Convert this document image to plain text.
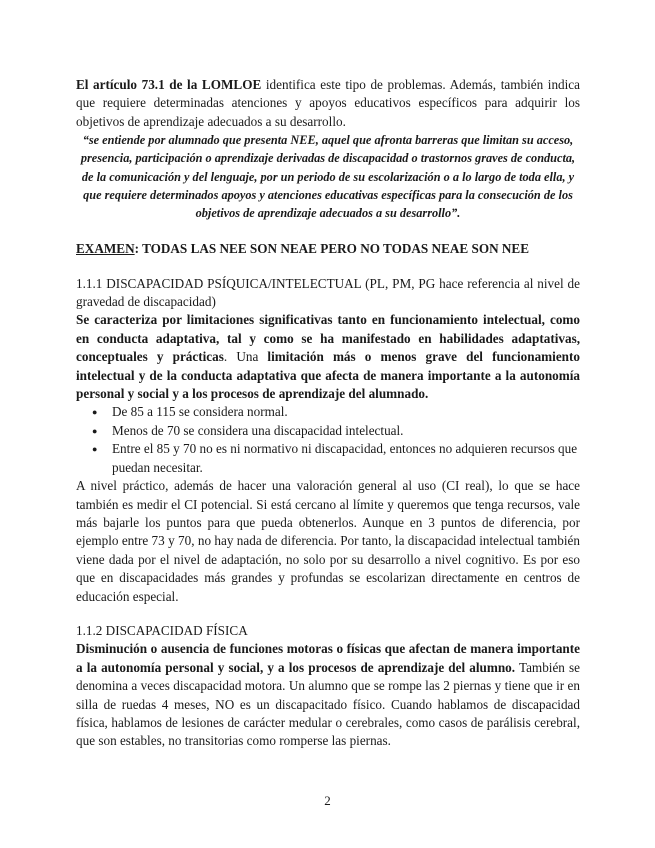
El artículo 73.1 de la LOMLOE identifica este tipo de problemas. Además, también indica que requiere determinadas atenciones y apoyos educativos específicos para adquirir los objetivos de aprendizaje adecuados a su desarrollo.

“se entiende por alumnado que presenta NEE, aquel que afronta barreras que limitan su acceso, presencia, participación o aprendizaje derivadas de discapacidad o trastornos graves de conducta, de la comunicación y del lenguaje, por un periodo de su escolarización o a lo largo de toda ella, y que requiere determinados apoyos y atenciones educativas específicas para la consecución de los objetivos de aprendizaje adecuados a su desarrollo”.

EXAMEN: TODAS LAS NEE SON NEAE PERO NO TODAS NEAE SON NEE

1.1.1 DISCAPACIDAD PSÍQUICA/INTELECTUAL (PL, PM, PG hace referencia al nivel de gravedad de discapacidad)

Se caracteriza por limitaciones significativas tanto en funcionamiento intelectual, como en conducta adaptativa, tal y como se ha manifestado en habilidades adaptativas, conceptuales y prácticas. Una limitación más o menos grave del funcionamiento intelectual y de la conducta adaptativa que afecta de manera importante a la autonomía personal y social y a los procesos de aprendizaje del alumnado.

● De 85 a 115 se considera normal.
● Menos de 70 se considera una discapacidad intelectual.
● Entre el 85 y 70 no es ni normativo ni discapacidad, entonces no adquieren recursos que puedan necesitar.

A nivel práctico, además de hacer una valoración general al uso (CI real), lo que se hace también es medir el CI potencial. Si está cercano al límite y queremos que tenga recursos, vale más bajarle los puntos para que pueda obtenerlos. Aunque en 3 puntos de diferencia, por ejemplo entre 73 y 70, no hay nada de diferencia. Por tanto, la discapacidad intelectual también viene dada por el nivel de adaptación, no solo por su desarrollo a nivel cognitivo. Es por eso que en discapacidades más grandes y profundas se escolarizan directamente en centros de educación especial.

1.1.2 DISCAPACIDAD FÍSICA

Disminución o ausencia de funciones motoras o físicas que afectan de manera importante a la autonomía personal y social, y a los procesos de aprendizaje del alumno. También se denomina a veces discapacidad motora. Un alumno que se rompe las 2 piernas y tiene que ir en silla de ruedas 4 meses, NO es un discapacitado físico. Cuando hablamos de discapacidad física, hablamos de lesiones de carácter medular o cerebrales, como casos de parálisis cerebral, que son estables, no transitorias como romperse las piernas.

2
